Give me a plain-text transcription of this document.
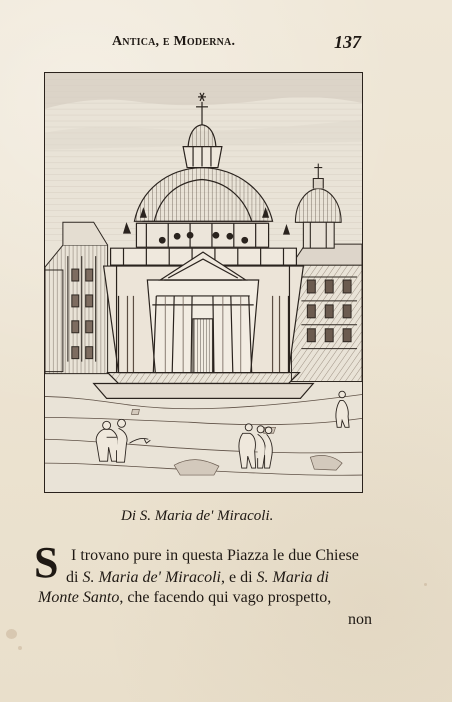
Antica, e Moderna.	137
Di S. Maria de' Miracoli.
S I trovano pure in questa Piazza le due Chiese
di S. Maria de' Miracoli, e di S. Maria di
Monte Santo, che facendo qui vago prospetto,
non
